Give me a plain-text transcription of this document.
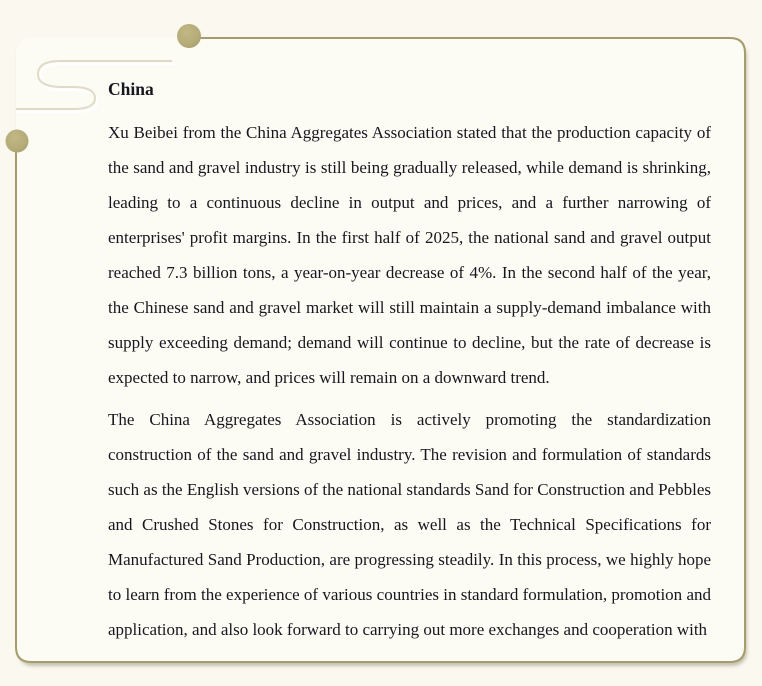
China

Xu Beibei from the China Aggregates Association stated that the production capacity of the sand and gravel industry is still being gradually released, while demand is shrinking, leading to a continuous decline in output and prices, and a further narrowing of enterprises' profit margins. In the first half of 2025, the national sand and gravel output reached 7.3 billion tons, a year-on-year decrease of 4%. In the second half of the year, the Chinese sand and gravel market will still maintain a supply-demand imbalance with supply exceeding demand; demand will continue to decline, but the rate of decrease is expected to narrow, and prices will remain on a downward trend.

The China Aggregates Association is actively promoting the standardization construction of the sand and gravel industry. The revision and formulation of standards such as the English versions of the national standards Sand for Construction and Pebbles and Crushed Stones for Construction, as well as the Technical Specifications for Manufactured Sand Production, are progressing steadily. In this process, we highly hope to learn from the experience of various countries in standard formulation, promotion and application, and also look forward to carrying out more exchanges and cooperation with
